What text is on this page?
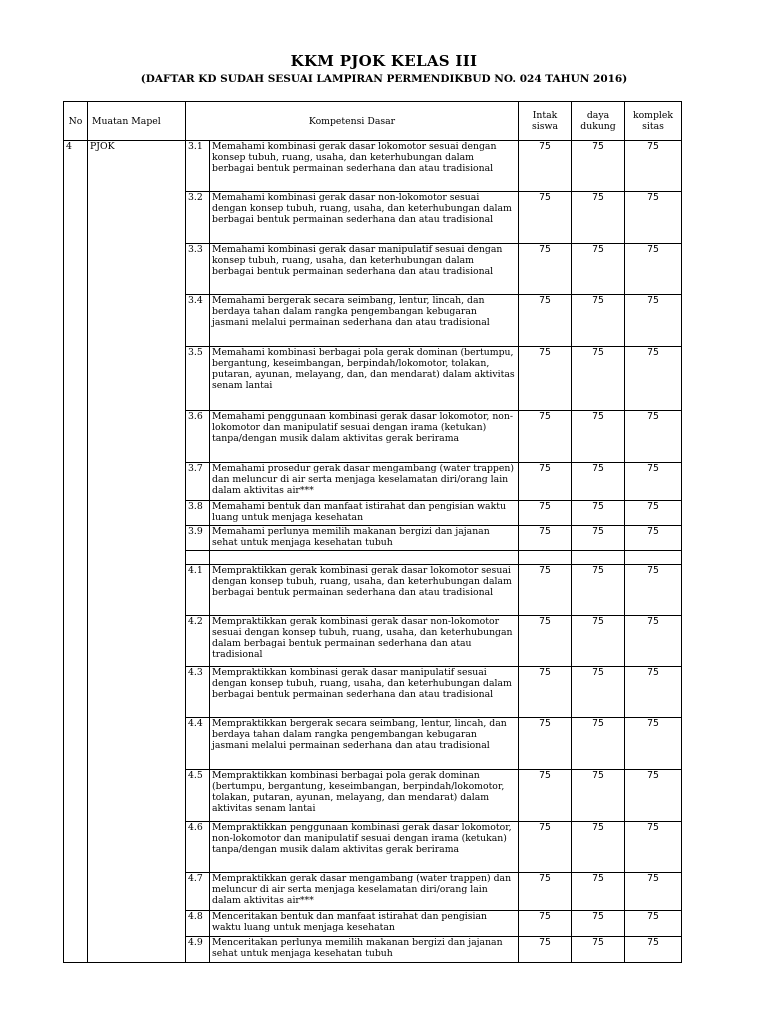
KKM PJOK KELAS III
(DAFTAR KD SUDAH SESUAI LAMPIRAN PERMENDIKBUD NO. 024 TAHUN 2016)
No	Muatan Mapel	Kompetensi Dasar		Intak siswa	daya dukung	komplek sitas
4	PJOK	3.1	Memahami kombinasi gerak dasar lokomotor sesuai dengan konsep tubuh, ruang, usaha, dan keterhubungan dalam berbagai bentuk permainan sederhana dan atau tradisional	75	75	75
		3.2	Memahami kombinasi gerak dasar non-lokomotor sesuai dengan konsep tubuh, ruang, usaha, dan keterhubungan dalam berbagai bentuk permainan sederhana dan atau tradisional	75	75	75
		3.3	Memahami kombinasi gerak dasar manipulatif sesuai dengan konsep tubuh, ruang, usaha, dan keterhubungan dalam berbagai bentuk permainan sederhana dan atau tradisional	75	75	75
		3.4	Memahami bergerak secara seimbang, lentur, lincah, dan berdaya tahan dalam rangka pengembangan kebugaran jasmani melalui permainan sederhana dan atau tradisional	75	75	75
		3.5	Memahami kombinasi berbagai pola gerak dominan (bertumpu, bergantung, keseimbangan, berpindah/lokomotor, tolakan, putaran, ayunan, melayang, dan, dan mendarat) dalam aktivitas senam lantai	75	75	75
		3.6	Memahami penggunaan kombinasi gerak dasar lokomotor, non-lokomotor dan manipulatif sesuai dengan irama (ketukan) tanpa/dengan musik dalam aktivitas gerak berirama	75	75	75
		3.7	Memahami prosedur gerak dasar mengambang (water trappen) dan meluncur di air serta menjaga keselamatan diri/orang lain dalam aktivitas air***	75	75	75
		3.8	Memahami bentuk dan manfaat istirahat dan pengisian waktu luang untuk menjaga kesehatan	75	75	75
		3.9	Memahami perlunya memilih makanan bergizi dan jajanan sehat untuk menjaga kesehatan tubuh	75	75	75

		4.1	Mempraktikkan gerak kombinasi gerak dasar lokomotor sesuai dengan konsep tubuh, ruang, usaha, dan keterhubungan dalam berbagai bentuk permainan sederhana dan atau tradisional	75	75	75
		4.2	Mempraktikkan gerak kombinasi gerak dasar non-lokomotor sesuai dengan konsep tubuh, ruang, usaha, dan keterhubungan dalam berbagai bentuk permainan sederhana dan atau tradisional	75	75	75
		4.3	Mempraktikkan kombinasi gerak dasar manipulatif sesuai dengan konsep tubuh, ruang, usaha, dan keterhubungan dalam berbagai bentuk permainan sederhana dan atau tradisional	75	75	75
		4.4	Mempraktikkan bergerak secara seimbang, lentur, lincah, dan berdaya tahan dalam rangka pengembangan kebugaran jasmani melalui permainan sederhana dan atau tradisional	75	75	75
		4.5	Mempraktikkan kombinasi berbagai pola gerak dominan (bertumpu, bergantung, keseimbangan, berpindah/lokomotor, tolakan, putaran, ayunan, melayang, dan mendarat) dalam aktivitas senam lantai	75	75	75
		4.6	Mempraktikkan penggunaan kombinasi gerak dasar lokomotor, non-lokomotor dan manipulatif sesuai dengan irama (ketukan) tanpa/dengan musik dalam aktivitas gerak berirama	75	75	75
		4.7	Mempraktikkan gerak dasar mengambang (water trappen) dan meluncur di air serta menjaga keselamatan diri/orang lain dalam aktivitas air***	75	75	75
		4.8	Menceritakan bentuk dan manfaat istirahat dan pengisian waktu luang untuk menjaga kesehatan	75	75	75
		4.9	Menceritakan perlunya memilih makanan bergizi dan jajanan sehat untuk menjaga kesehatan tubuh	75	75	75
